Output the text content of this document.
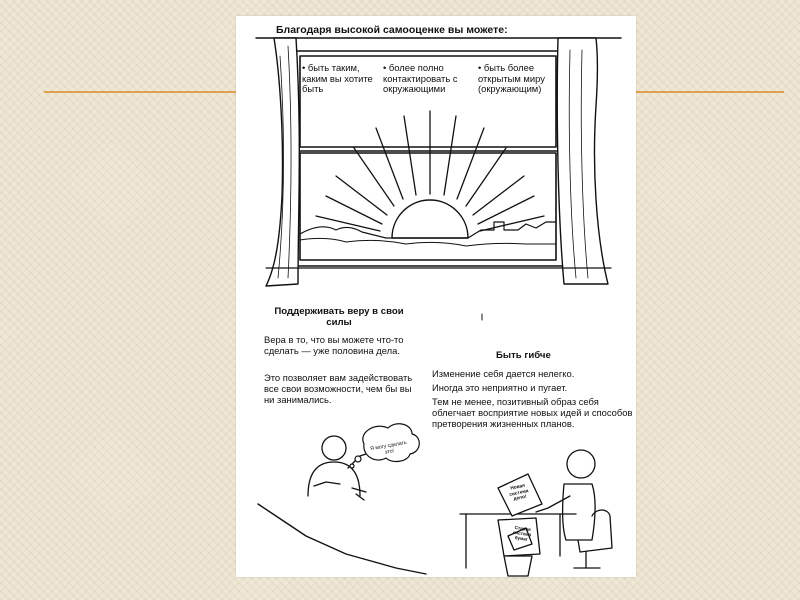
Благодаря высокой самооценке вы можете:

• быть таким, каким вы хотите быть

• более полно контактировать с окружающими

• быть более открытым миру (окружающим)

Поддерживать веру в свои силы

Вера в то, что вы можете что-то сделать — уже половина дела.

Это позволяет вам задействовать все свои возможности, чем бы вы ни занимались.

Быть гибче

Изменение себя дается нелегко.

Иногда это неприятно и пугает.

Тем не менее, позитивный образ себя облегчает восприятие новых идей и способов претворения жизненных планов.

Я могу сделать это!
Новая система дело!
Старая система бумаг
